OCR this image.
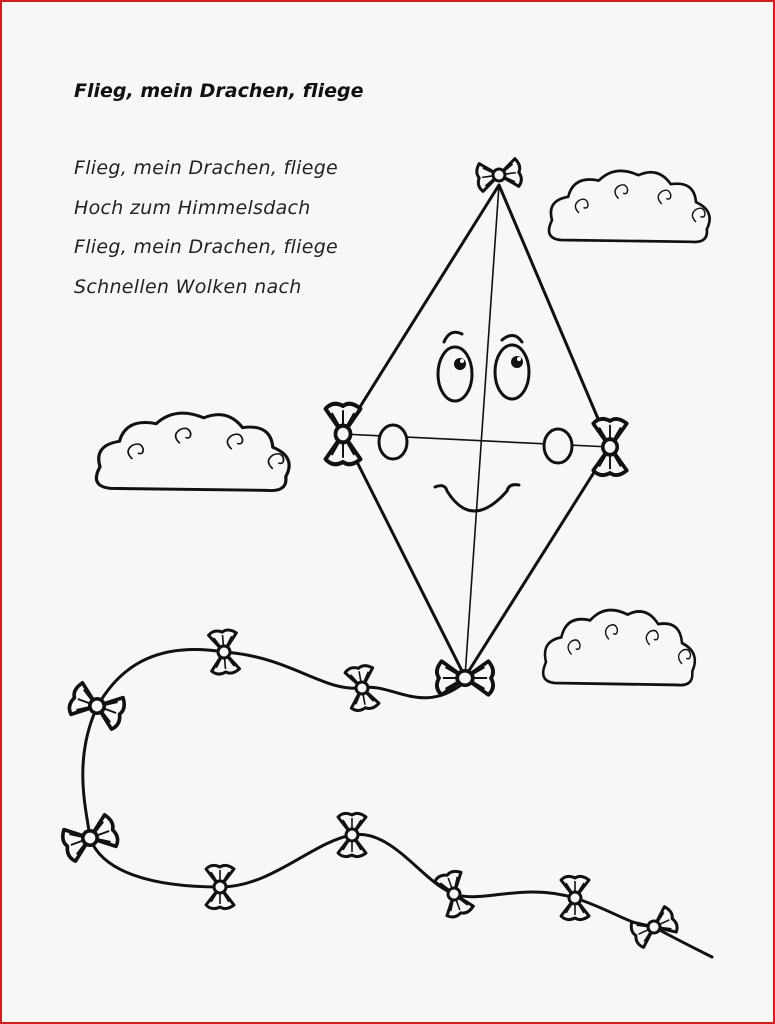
Flieg, mein Drachen, fliege
Flieg, mein Drachen, fliege
Hoch zum Himmelsdach
Flieg, mein Drachen, fliege
Schnellen Wolken nach
